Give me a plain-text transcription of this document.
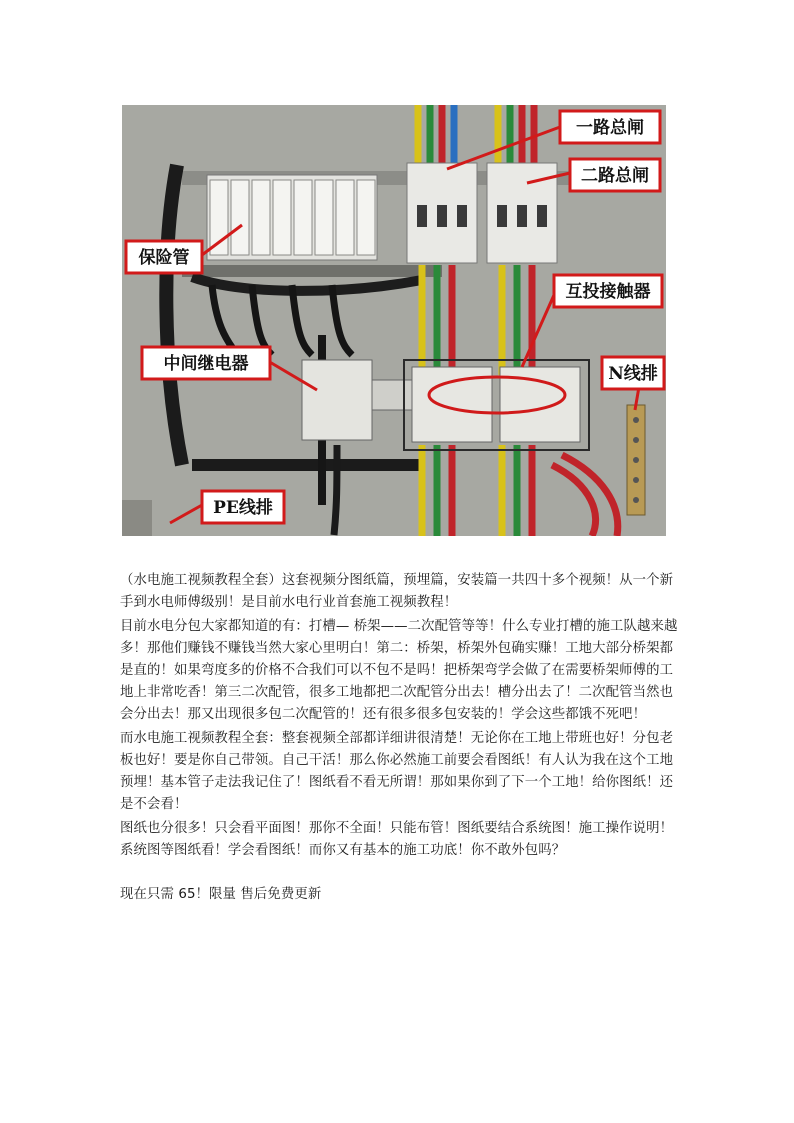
一路总闸
二路总闸
保险管
互投接触器
中间继电器	N线排
PE线排

（水电施工视频教程全套）这套视频分图纸篇，预埋篇，安装篇一共四十多个视频！从一个新手到水电师傅级别！是目前水电行业首套施工视频教程！

目前水电分包大家都知道的有：打槽— 桥架——二次配管等等！什么专业打槽的施工队越来越多！那他们赚钱不赚钱当然大家心里明白！第二：桥架，桥架外包确实赚！工地大部分桥架都是直的！如果弯度多的价格不合我们可以不包不是吗！把桥架弯学会做了在需要桥架师傅的工地上非常吃香！第三二次配管，很多工地都把二次配管分出去！槽分出去了！二次配管当然也会分出去！那又出现很多包二次配管的！还有很多很多包安装的！学会这些都饿不死吧！

而水电施工视频教程全套：整套视频全部都详细讲很清楚！无论你在工地上带班也好！分包老板也好！要是你自己带领。自己干活！那么你必然施工前要会看图纸！有人认为我在这个工地预埋！基本管子走法我记住了！图纸看不看无所谓！那如果你到了下一个工地！给你图纸！还是不会看！

图纸也分很多！只会看平面图！那你不全面！只能布管！图纸要结合系统图！施工操作说明！系统图等图纸看！学会看图纸！而你又有基本的施工功底！你不敢外包吗？

现在只需 65！限量 售后免费更新
